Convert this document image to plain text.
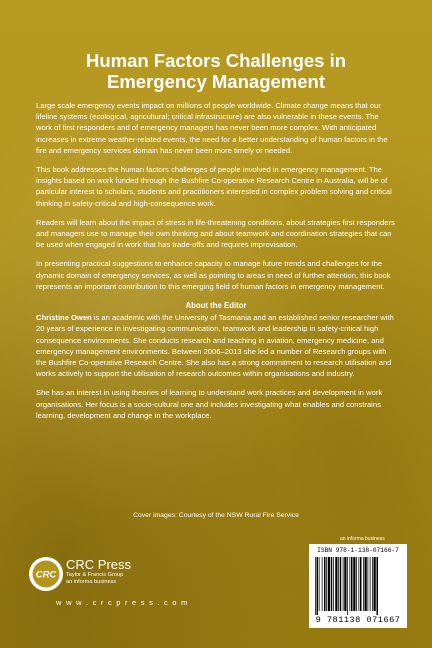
Human Factors Challenges in
Emergency Management

Large scale emergency events impact on millions of people worldwide. Climate change means that our lifeline systems (ecological, agricultural; critical infrastructure) are also vulnerable in these events. The work of first responders and of emergency managers has never been more complex. With anticipated increases in extreme weather-related events, the need for a better understanding of human factors in the fire and emergency services domain has never been more timely or needed.

This book addresses the human factors challenges of people involved in emergency management. The insights based on work funded through the Bushfire Co-operative Research Centre in Australia, will be of particular interest to scholars, students and practitioners interested in complex problem solving and critical thinking in safety-critical and high-consequence work.

Readers will learn about the impact of stress in life-threatening conditions, about strategies first responders and managers use to manage their own thinking and about teamwork and coordination strategies that can be used when engaged in work that has trade-offs and requires improvisation.

In presenting practical suggestions to enhance capacity to manage future trends and challenges for the dynamic domain of emergency services, as well as pointing to areas in need of further attention, this book represents an important contribution to this emerging field of human factors in emergency management.

About the Editor

Christine Owen is an academic with the University of Tasmania and an established senior researcher with 20 years of experience in investigating communication, teamwork and leadership in safety-critical high consequence environments. She conducts research and teaching in aviation, emergency medicine, and emergency management environments. Between 2006–2013 she led a number of Research groups with the Bushfire Co-operative Research Centre. She also has a strong commitment to research utilisation and works actively to support the utilisation of research outcomes within organisations and industry.

She has an interest in using theories of learning to understand work practices and development in work organisations. Her focus is a socio-cultural one and includes investigating what enables and constrains learning, development and change in the workplace.

Cover images: Courtesy of the NSW Rural Fire Service
CRC
CRC Press
Taylor & Francis Group
an informa business
w w w . c r c p r e s s . c o m
an informa business
ISBN 978-1-138-07166-7
9 781138 071667
